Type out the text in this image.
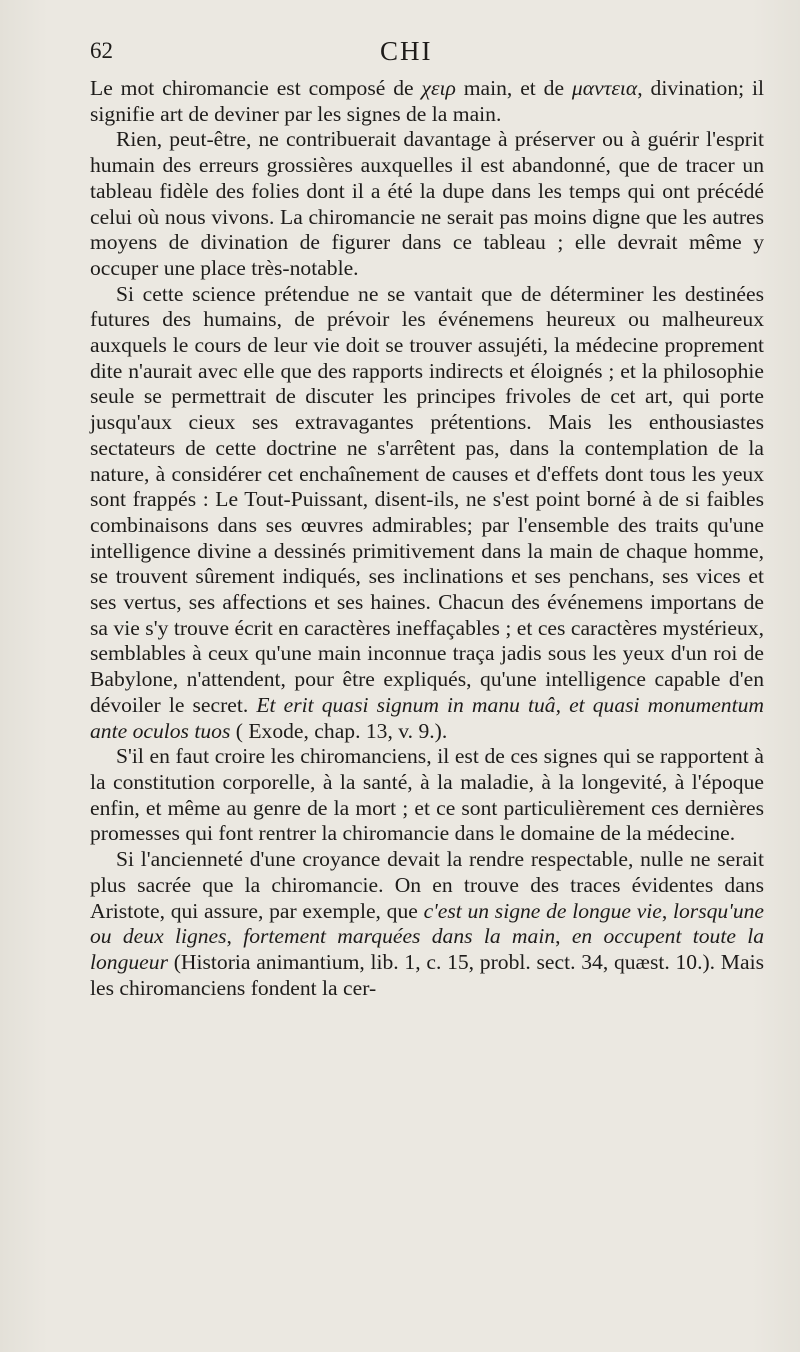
62	CHI

Le mot chiromancie est composé de χειρ main, et de μαντεια, divination; il signifie art de deviner par les signes de la main.

Rien, peut-être, ne contribuerait davantage à préserver ou à guérir l'esprit humain des erreurs grossières auxquelles il est abandonné, que de tracer un tableau fidèle des folies dont il a été la dupe dans les temps qui ont précédé celui où nous vivons. La chiromancie ne serait pas moins digne que les autres moyens de divination de figurer dans ce tableau ; elle devrait même y occuper une place très-notable.

Si cette science prétendue ne se vantait que de déterminer les destinées futures des humains, de prévoir les événemens heureux ou malheureux auxquels le cours de leur vie doit se trouver assujéti, la médecine proprement dite n'aurait avec elle que des rapports indirects et éloignés ; et la philosophie seule se permettrait de discuter les principes frivoles de cet art, qui porte jusqu'aux cieux ses extravagantes prétentions. Mais les enthousiastes sectateurs de cette doctrine ne s'arrêtent pas, dans la contemplation de la nature, à considérer cet enchaînement de causes et d'effets dont tous les yeux sont frappés : Le Tout-Puissant, disent-ils, ne s'est point borné à de si faibles combinaisons dans ses œuvres admirables; par l'ensemble des traits qu'une intelligence divine a dessinés primitivement dans la main de chaque homme, se trouvent sûrement indiqués, ses inclinations et ses penchans, ses vices et ses vertus, ses affections et ses haines. Chacun des événemens importans de sa vie s'y trouve écrit en caractères ineffaçables ; et ces caractères mystérieux, semblables à ceux qu'une main inconnue traça jadis sous les yeux d'un roi de Babylone, n'attendent, pour être expliqués, qu'une intelligence capable d'en dévoiler le secret. Et erit quasi signum in manu tuâ, et quasi monumentum ante oculos tuos ( Exode, chap. 13, v. 9.).

S'il en faut croire les chiromanciens, il est de ces signes qui se rapportent à la constitution corporelle, à la santé, à la maladie, à la longevité, à l'époque enfin, et même au genre de la mort ; et ce sont particulièrement ces dernières promesses qui font rentrer la chiromancie dans le domaine de la médecine.

Si l'ancienneté d'une croyance devait la rendre respectable, nulle ne serait plus sacrée que la chiromancie. On en trouve des traces évidentes dans Aristote, qui assure, par exemple, que c'est un signe de longue vie, lorsqu'une ou deux lignes, fortement marquées dans la main, en occupent toute la longueur (Historia animantium, lib. 1, c. 15, probl. sect. 34, quæst. 10.). Mais les chiromanciens fondent la cer-
